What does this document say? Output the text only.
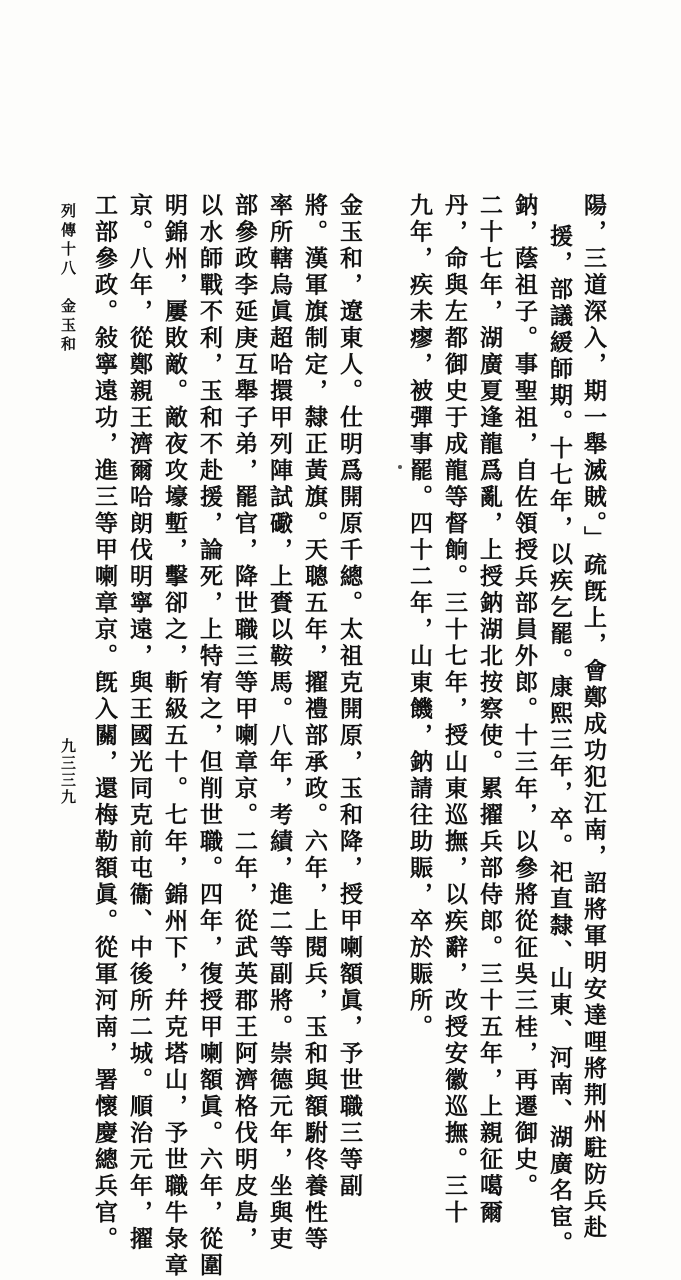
陽，三道深入，期一舉滅賊。」疏旣上，會鄭成功犯江南，詔將軍明安達哩將荆州駐防兵赴
援，部議緩師期。十七年，以疾乞罷。康熙三年，卒。祀直隸、山東、河南、湖廣名宦。
鈉，蔭祖子。事聖祖，自佐領授兵部員外郎。十三年，以參將從征吳三桂，再遷御史。
二十七年，湖廣夏逢龍爲亂，上授鈉湖北按察使。累擢兵部侍郎。三十五年，上親征噶爾
丹，命與左都御史于成龍等督餉。三十七年，授山東巡撫，以疾辭，改授安徽巡撫。三十
九年，疾未瘳，被彈事罷。四十二年，山東饑，鈉請往助賑，卒於賑所。
金玉和，遼東人。仕明爲開原千總。太祖克開原，玉和降，授甲喇額眞，予世職三等副
將。漢軍旗制定，隸正黃旗。天聰五年，擢禮部承政。六年，上閱兵，玉和與額駙佟養性等
率所轄烏眞超哈擐甲列陣試礮，上賚以鞍馬。八年，考績，進二等副將。崇德元年，坐與吏
部參政李延庚互舉子弟，罷官，降世職三等甲喇章京。二年，從武英郡王阿濟格伐明皮島，
以水師戰不利，玉和不赴援，論死，上特宥之，但削世職。四年，復授甲喇額眞。六年，從圍
明錦州，屢敗敵。敵夜攻壕塹，擊卻之，斬級五十。七年，錦州下，幷克塔山，予世職牛彔章
京。八年，從鄭親王濟爾哈朗伐明寧遠，與王國光同克前屯衞、中後所二城。順治元年，擢
工部參政。敍寧遠功，進三等甲喇章京。旣入關，還梅勒額眞。從軍河南，署懷慶總兵官。
列傳十八　金玉和
九三三九
